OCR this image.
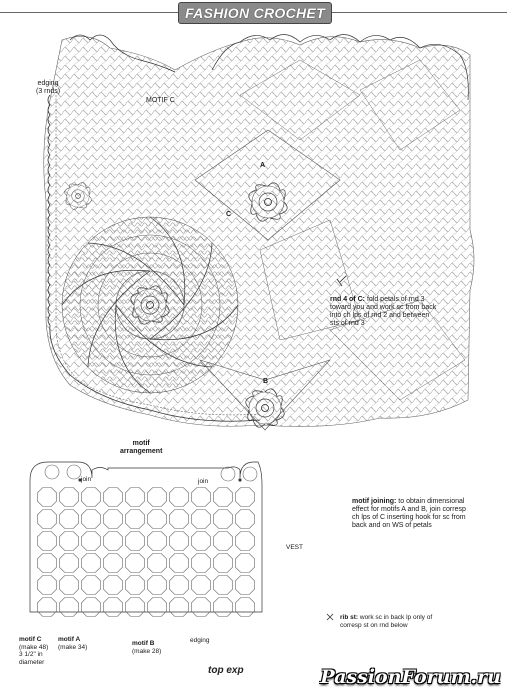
FASHION CROCHET
edging
(3 rnds)
MOTIF C
A
C
B
rnd 4 of C: fold petals of rnd 3 toward you and work sc from back into ch lps of rnd 2 and between sts of rnd 3
motif
arrangement
join	join
VEST
motif C
(make 48)
3 1/2" in
diameter
motif A
(make 34)	motif B
(make 28)
edging
motif joining: to obtain dimensional effect for motifs A and B, join corresp ch lps of C inserting hook for sc from back and on WS of petals
rib st: work sc in back lp only of corresp st on rnd below
top exp	PassionForum.ru
